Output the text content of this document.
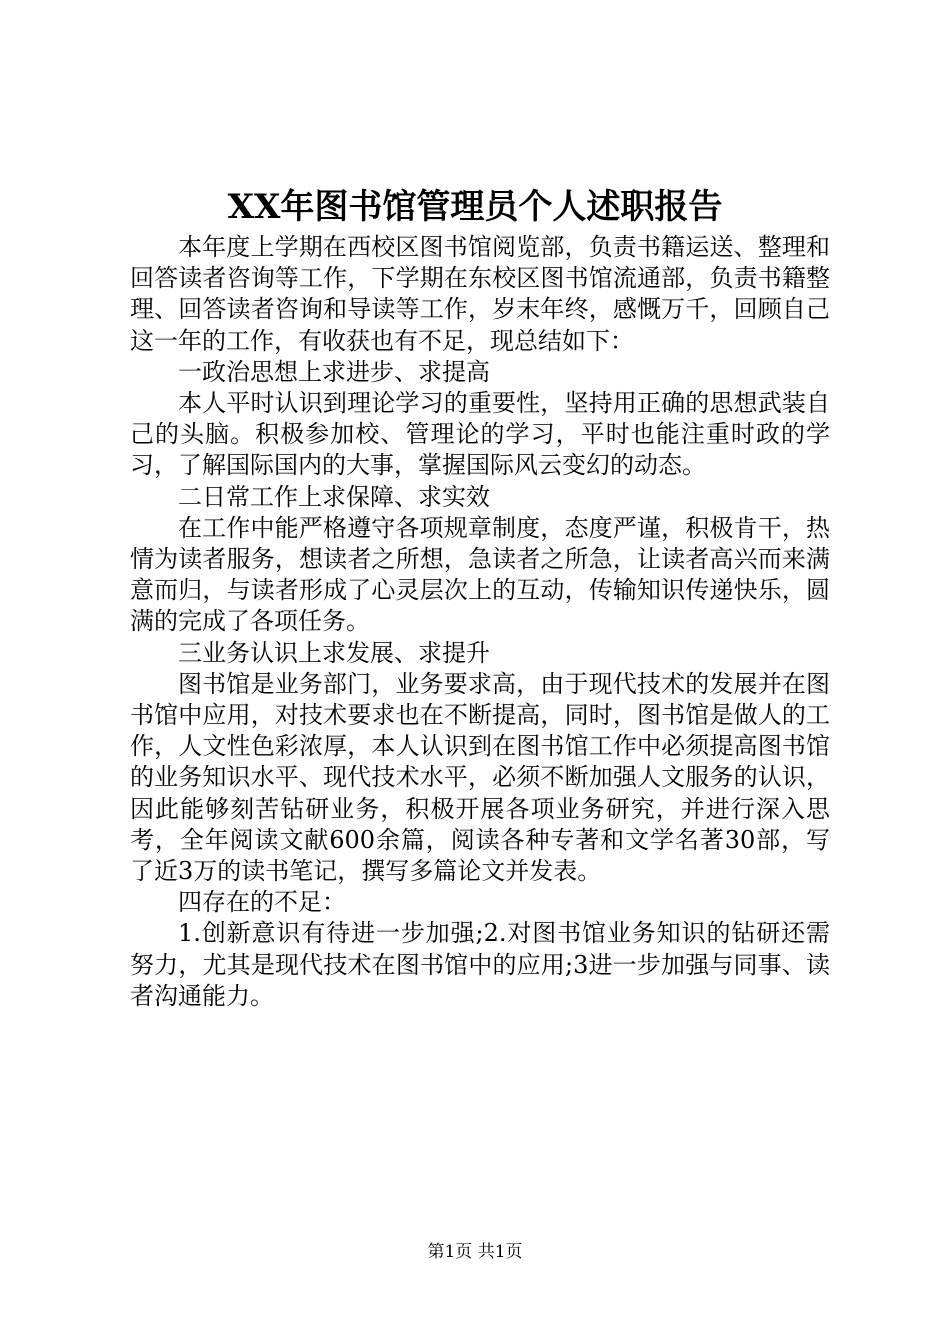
XX年图书馆管理员个人述职报告

本年度上学期在西校区图书馆阅览部，负责书籍运送、整理和回答读者咨询等工作，下学期在东校区图书馆流通部，负责书籍整理、回答读者咨询和导读等工作，岁末年终，感慨万千，回顾自己这一年的工作，有收获也有不足，现总结如下：

一政治思想上求进步、求提高

本人平时认识到理论学习的重要性，坚持用正确的思想武装自己的头脑。积极参加校、管理论的学习，平时也能注重时政的学习，了解国际国内的大事，掌握国际风云变幻的动态。

二日常工作上求保障、求实效

在工作中能严格遵守各项规章制度，态度严谨，积极肯干，热情为读者服务，想读者之所想，急读者之所急，让读者高兴而来满意而归，与读者形成了心灵层次上的互动，传输知识传递快乐，圆满的完成了各项任务。

三业务认识上求发展、求提升

图书馆是业务部门，业务要求高，由于现代技术的发展并在图书馆中应用，对技术要求也在不断提高，同时，图书馆是做人的工作，人文性色彩浓厚，本人认识到在图书馆工作中必须提高图书馆的业务知识水平、现代技术水平，必须不断加强人文服务的认识，因此能够刻苦钻研业务，积极开展各项业务研究，并进行深入思考，全年阅读文献600余篇，阅读各种专著和文学名著30部，写了近3万的读书笔记，撰写多篇论文并发表。

四存在的不足：

1.创新意识有待进一步加强;2.对图书馆业务知识的钻研还需努力，尤其是现代技术在图书馆中的应用;3进一步加强与同事、读者沟通能力。

第1页 共1页
